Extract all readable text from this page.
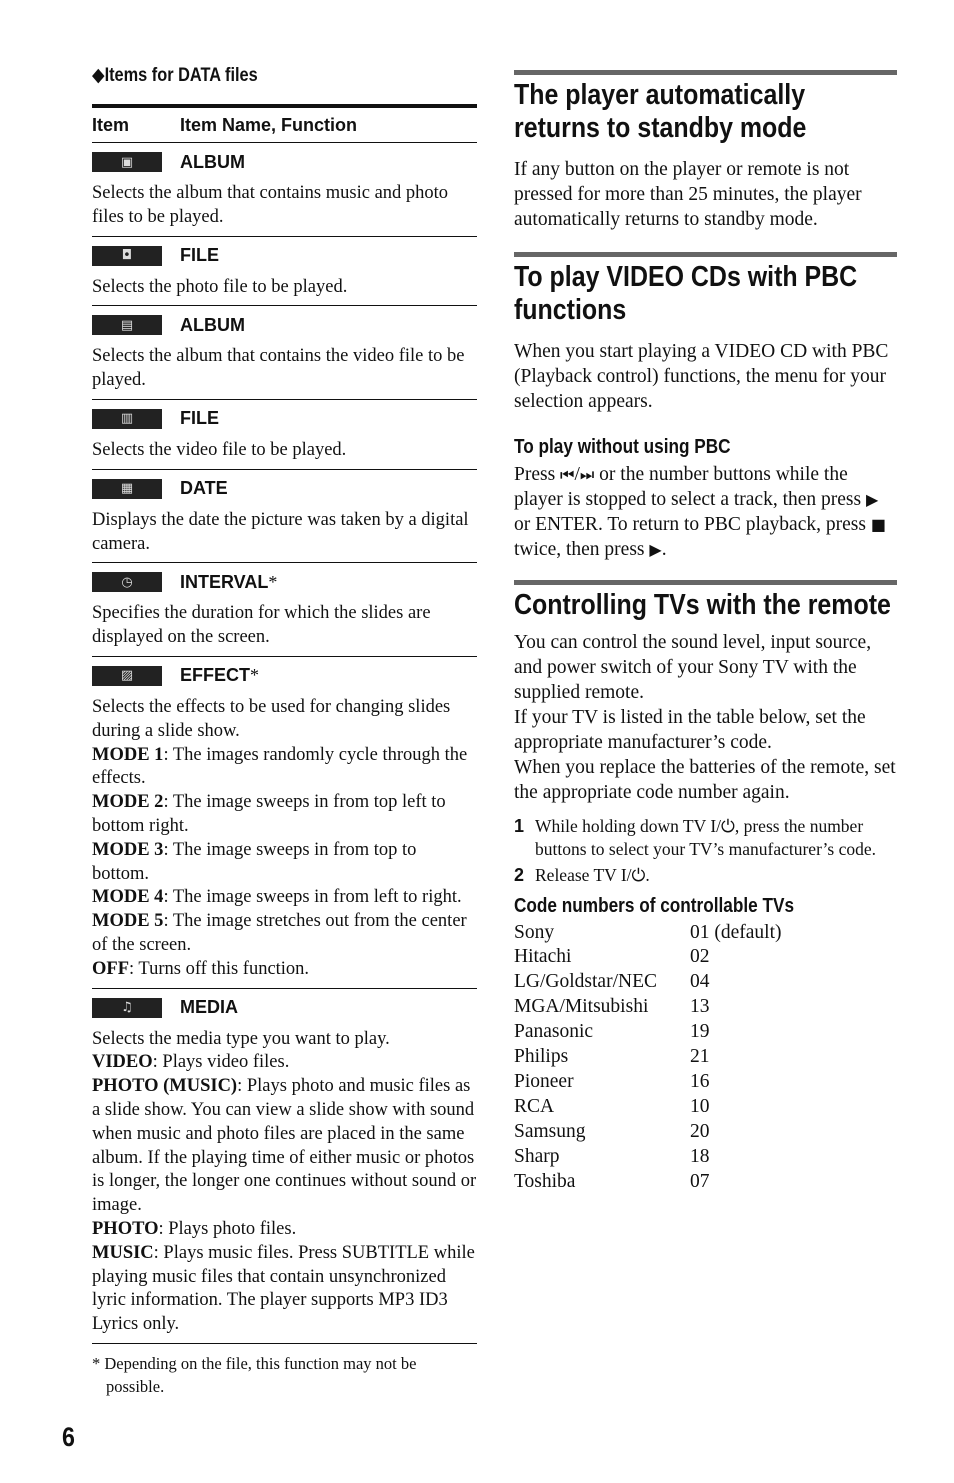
◆Items for DATA files
Item	Item Name, Function
▣	ALBUM
Selects the album that contains music and photo files to be played.
◘	FILE
Selects the photo file to be played.
▤	ALBUM
Selects the album that contains the video file to be played.
▥	FILE
Selects the video file to be played.
▦	DATE
Displays the date the picture was taken by a digital camera.
◷	INTERVAL*
Specifies the duration for which the slides are displayed on the screen.
▨	EFFECT*
Selects the effects to be used for changing slides during a slide show.
MODE 1: The images randomly cycle through the effects.
MODE 2: The image sweeps in from top left to bottom right.
MODE 3: The image sweeps in from top to bottom.
MODE 4: The image sweeps in from left to right.
MODE 5: The image stretches out from the center of the screen.
OFF: Turns off this function.
♫	MEDIA
Selects the media type you want to play.
VIDEO: Plays video files.
PHOTO (MUSIC): Plays photo and music files as a slide show. You can view a slide show with sound when music and photo files are placed in the same album. If the playing time of either music or photos is longer, the longer one continues without sound or image.
PHOTO: Plays photo files.
MUSIC: Plays music files. Press SUBTITLE while playing music files that contain unsynchronized lyric information. The player supports MP3 ID3 Lyrics only.
* Depending on the file, this function may not be possible.
The player automatically returns to standby mode
If any button on the player or remote is not pressed for more than 25 minutes, the player automatically returns to standby mode.
To play VIDEO CDs with PBC functions
When you start playing a VIDEO CD with PBC (Playback control) functions, the menu for your selection appears.
To play without using PBC
Press ⏮/⏭ or the number buttons while the player is stopped to select a track, then press ▶ or ENTER. To return to PBC playback, press ■ twice, then press ▶.
Controlling TVs with the remote
You can control the sound level, input source, and power switch of your Sony TV with the supplied remote.
If your TV is listed in the table below, set the appropriate manufacturer’s code.
When you replace the batteries of the remote, set the appropriate code number again.
1 While holding down TV I/⏻, press the number buttons to select your TV’s manufacturer’s code.
2 Release TV I/⏻.
Code numbers of controllable TVs
Sony	01 (default)
Hitachi	02
LG/Goldstar/NEC	04
MGA/Mitsubishi	13
Panasonic	19
Philips	21
Pioneer	16
RCA	10
Samsung	20
Sharp	18
Toshiba	07
6
